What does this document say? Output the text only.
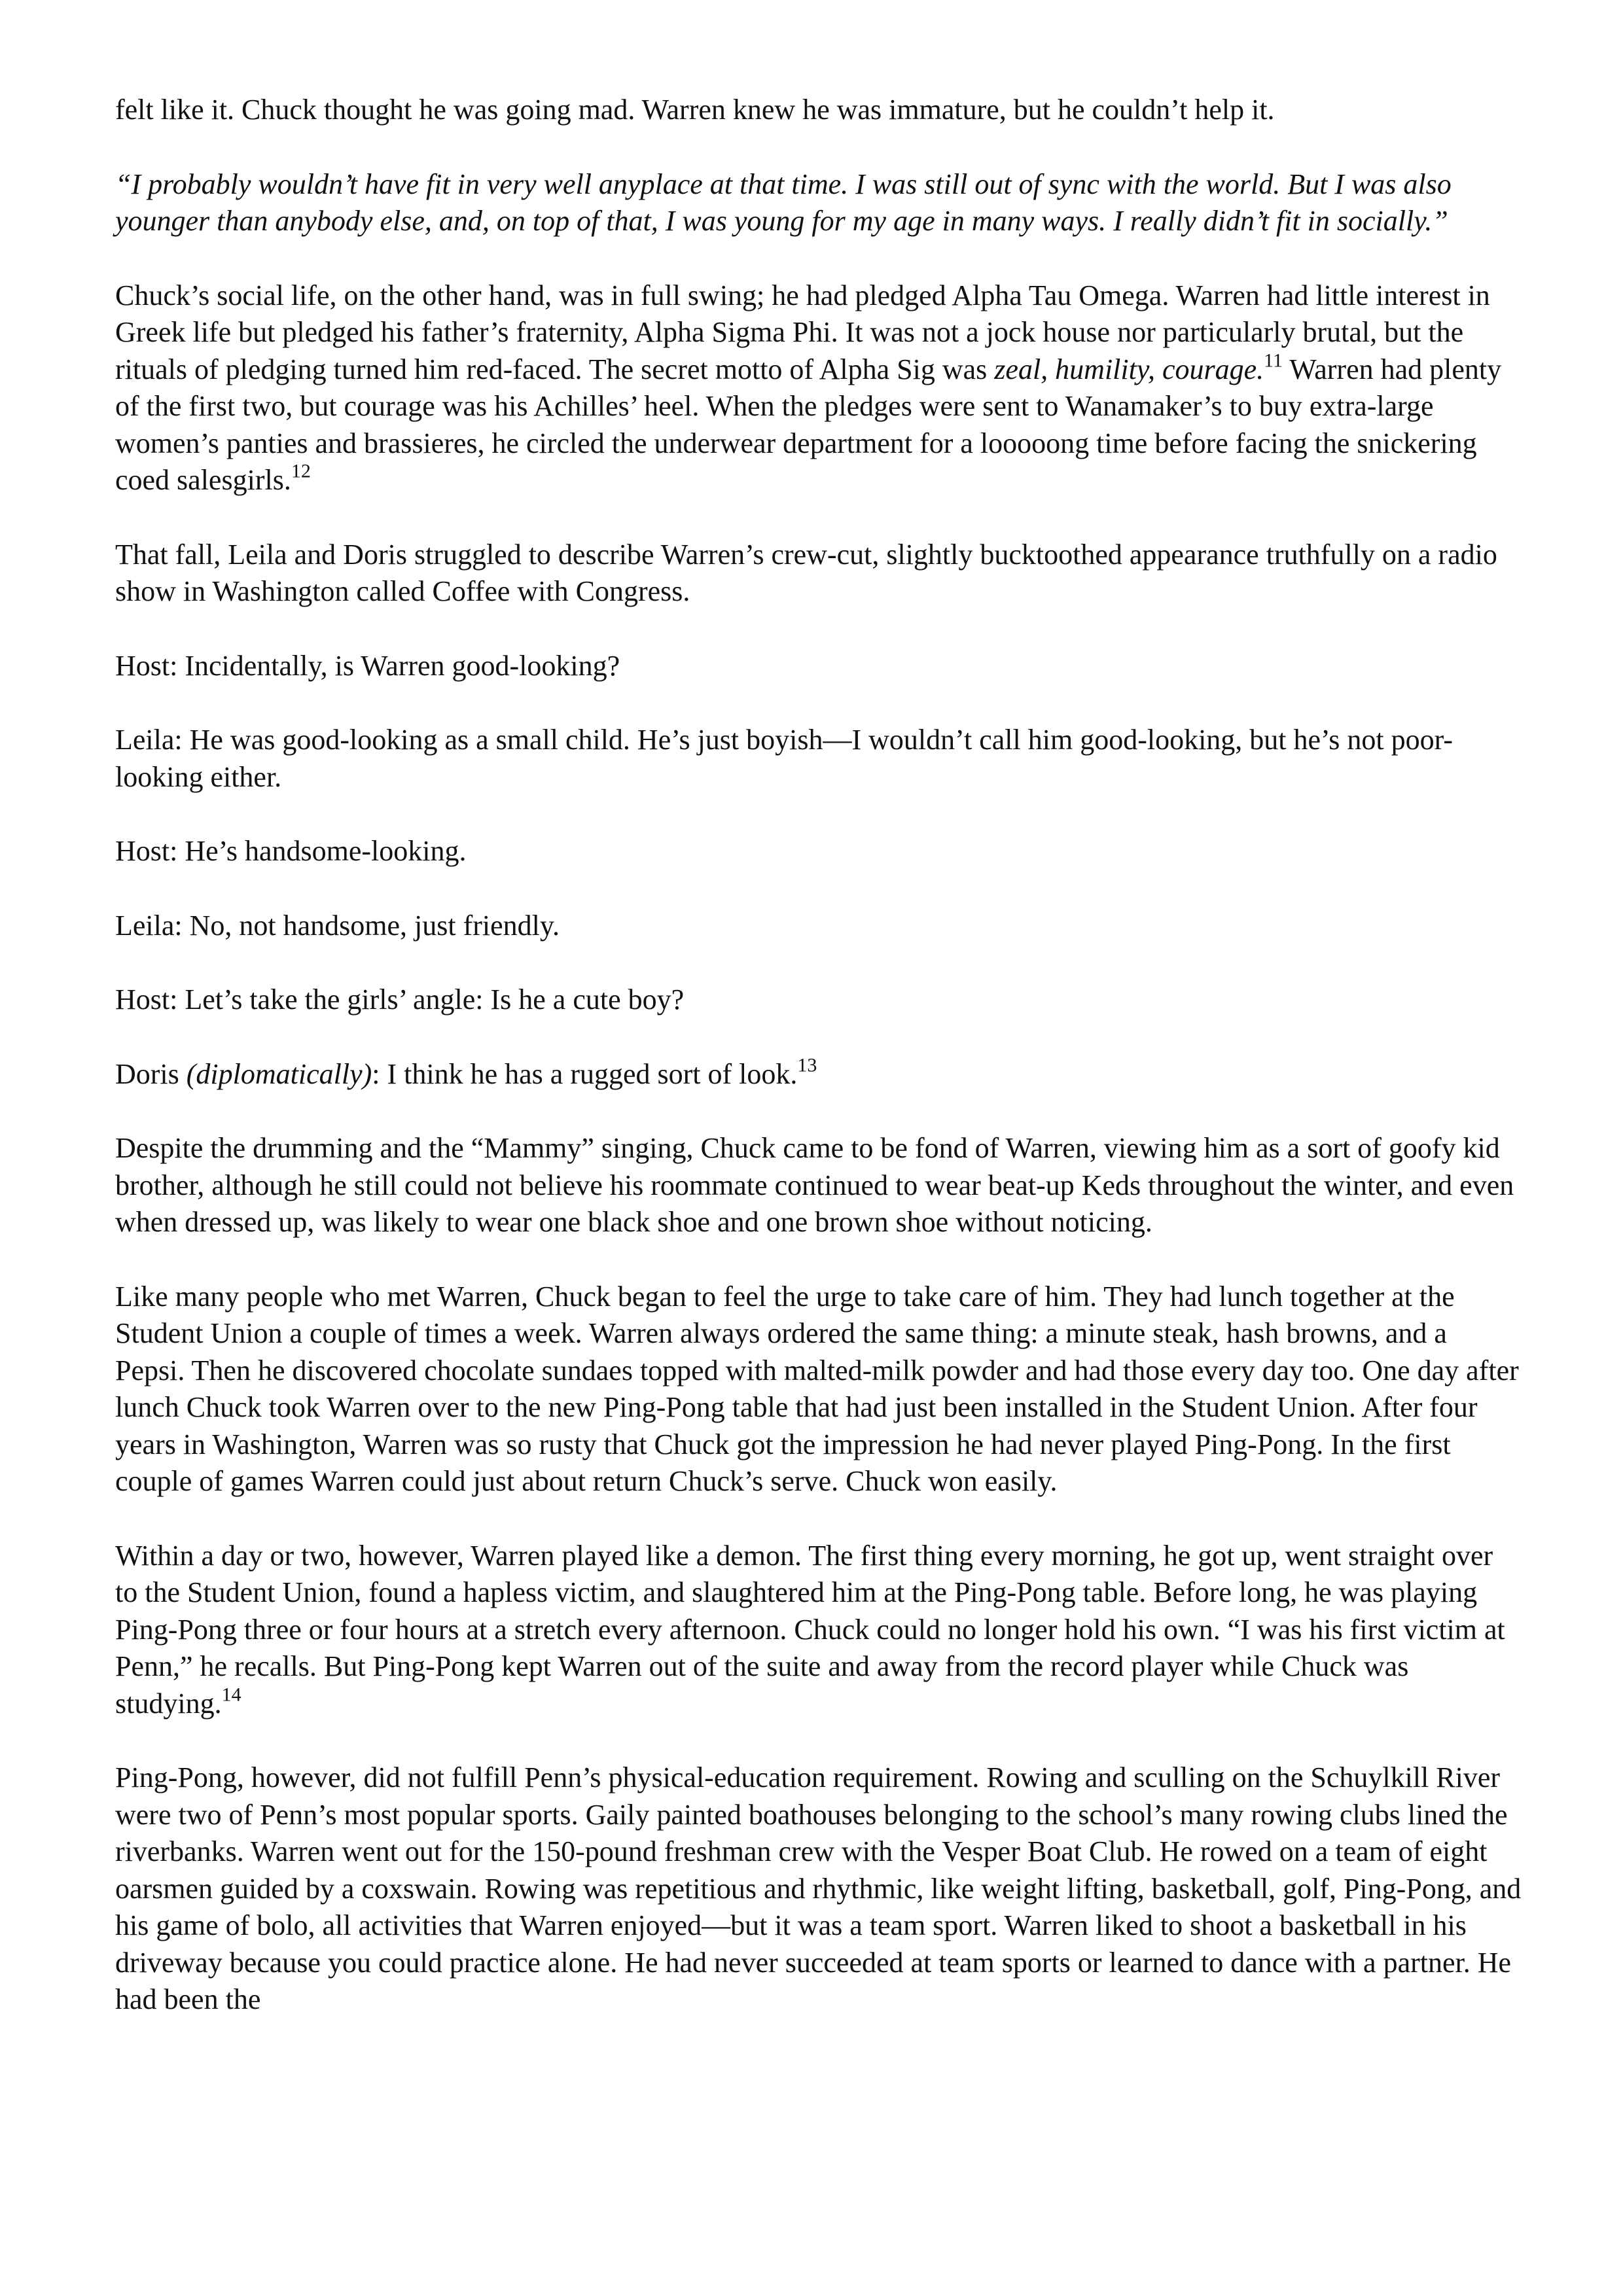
felt like it. Chuck thought he was going mad. Warren knew he was immature, but he couldn’t help it.

“I probably wouldn’t have fit in very well anyplace at that time. I was still out of sync with the world. But I was also younger than anybody else, and, on top of that, I was young for my age in many ways. I really didn’t fit in socially.”

Chuck’s social life, on the other hand, was in full swing; he had pledged Alpha Tau Omega. Warren had little interest in Greek life but pledged his father’s fraternity, Alpha Sigma Phi. It was not a jock house nor particularly brutal, but the rituals of pledging turned him red-faced. The secret motto of Alpha Sig was zeal, humility, courage.$^{11}$ Warren had plenty of the first two, but courage was his Achilles’ heel. When the pledges were sent to Wanamaker’s to buy extra-large women’s panties and brassieres, he circled the underwear department for a looooong time before facing the snickering coed salesgirls.$^{12}$

That fall, Leila and Doris struggled to describe Warren’s crew-cut, slightly bucktoothed appearance truthfully on a radio show in Washington called Coffee with Congress.

Host: Incidentally, is Warren good-looking?

Leila: He was good-looking as a small child. He’s just boyish—I wouldn’t call him good-looking, but he’s not poor-looking either.

Host: He’s handsome-looking.

Leila: No, not handsome, just friendly.

Host: Let’s take the girls’ angle: Is he a cute boy?

Doris (diplomatically): I think he has a rugged sort of look.$^{13}$

Despite the drumming and the “Mammy” singing, Chuck came to be fond of Warren, viewing him as a sort of goofy kid brother, although he still could not believe his roommate continued to wear beat-up Keds throughout the winter, and even when dressed up, was likely to wear one black shoe and one brown shoe without noticing.

Like many people who met Warren, Chuck began to feel the urge to take care of him. They had lunch together at the Student Union a couple of times a week. Warren always ordered the same thing: a minute steak, hash browns, and a Pepsi. Then he discovered chocolate sundaes topped with malted-milk powder and had those every day too. One day after lunch Chuck took Warren over to the new Ping-Pong table that had just been installed in the Student Union. After four years in Washington, Warren was so rusty that Chuck got the impression he had never played Ping-Pong. In the first couple of games Warren could just about return Chuck’s serve. Chuck won easily.

Within a day or two, however, Warren played like a demon. The first thing every morning, he got up, went straight over to the Student Union, found a hapless victim, and slaughtered him at the Ping-Pong table. Before long, he was playing Ping-Pong three or four hours at a stretch every afternoon. Chuck could no longer hold his own. “I was his first victim at Penn,” he recalls. But Ping-Pong kept Warren out of the suite and away from the record player while Chuck was studying.$^{14}$

Ping-Pong, however, did not fulfill Penn’s physical-education requirement. Rowing and sculling on the Schuylkill River were two of Penn’s most popular sports. Gaily painted boathouses belonging to the school’s many rowing clubs lined the riverbanks. Warren went out for the 150-pound freshman crew with the Vesper Boat Club. He rowed on a team of eight oarsmen guided by a coxswain. Rowing was repetitious and rhythmic, like weight lifting, basketball, golf, Ping-Pong, and his game of bolo, all activities that Warren enjoyed—but it was a team sport. Warren liked to shoot a basketball in his driveway because you could practice alone. He had never succeeded at team sports or learned to dance with a partner. He had been the
